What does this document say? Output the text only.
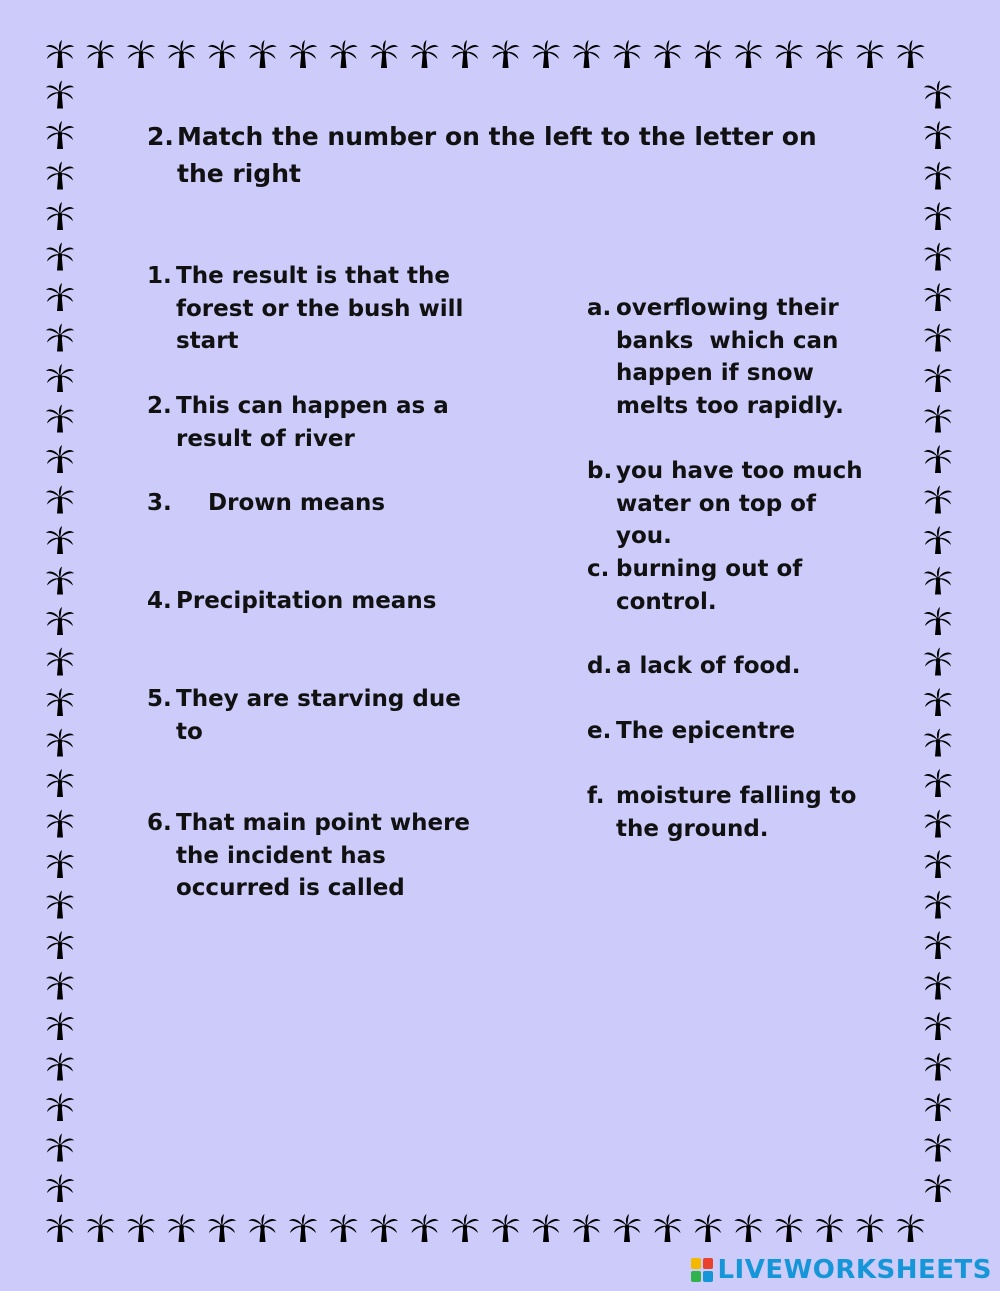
2. Match the number on the left to the letter on the right
1. The result is that the forest or the bush will start
2. This can happen as a result of river
3. Drown means
4. Precipitation means
5. They are starving due to
6. That main point where the incident has occurred is called
a. overflowing their banks  which can happen if snow melts too rapidly.
b. you have too much water on top of you.
c. burning out of control.
d. a lack of food.
e. The epicentre
f. moisture falling to the ground.
LIVEWORKSHEETS
